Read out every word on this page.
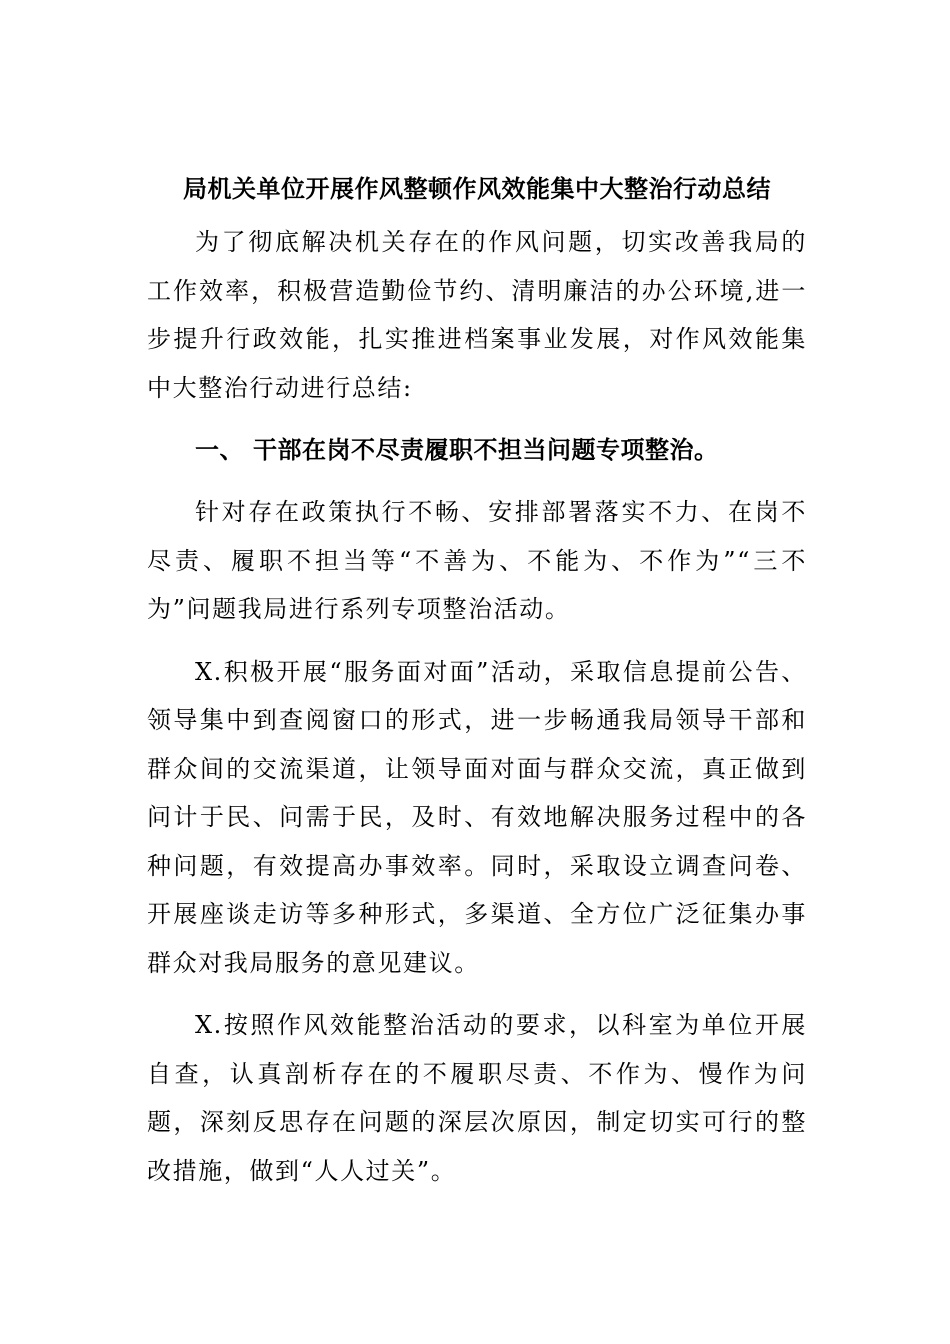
局机关单位开展作风整顿作风效能集中大整治行动总结
为了彻底解决机关存在的作风问题，切实改善我局的工作效率，积极营造勤俭节约、清明廉洁的办公环境,进一步提升行政效能，扎实推进档案事业发展，对作风效能集中大整治行动进行总结:
一、 干部在岗不尽责履职不担当问题专项整治。
针对存在政策执行不畅、安排部署落实不力、在岗不尽责、履职不担当等“不善为、不能为、不作为”“三不为”问题我局进行系列专项整治活动。
X.积极开展“服务面对面”活动，采取信息提前公告、领导集中到查阅窗口的形式，进一步畅通我局领导干部和群众间的交流渠道，让领导面对面与群众交流，真正做到问计于民、问需于民，及时、有效地解决服务过程中的各种问题，有效提高办事效率。同时，采取设立调查问卷、开展座谈走访等多种形式，多渠道、全方位广泛征集办事群众对我局服务的意见建议。
X.按照作风效能整治活动的要求，以科室为单位开展自查，认真剖析存在的不履职尽责、不作为、慢作为问题，深刻反思存在问题的深层次原因，制定切实可行的整改措施，做到“人人过关”。
